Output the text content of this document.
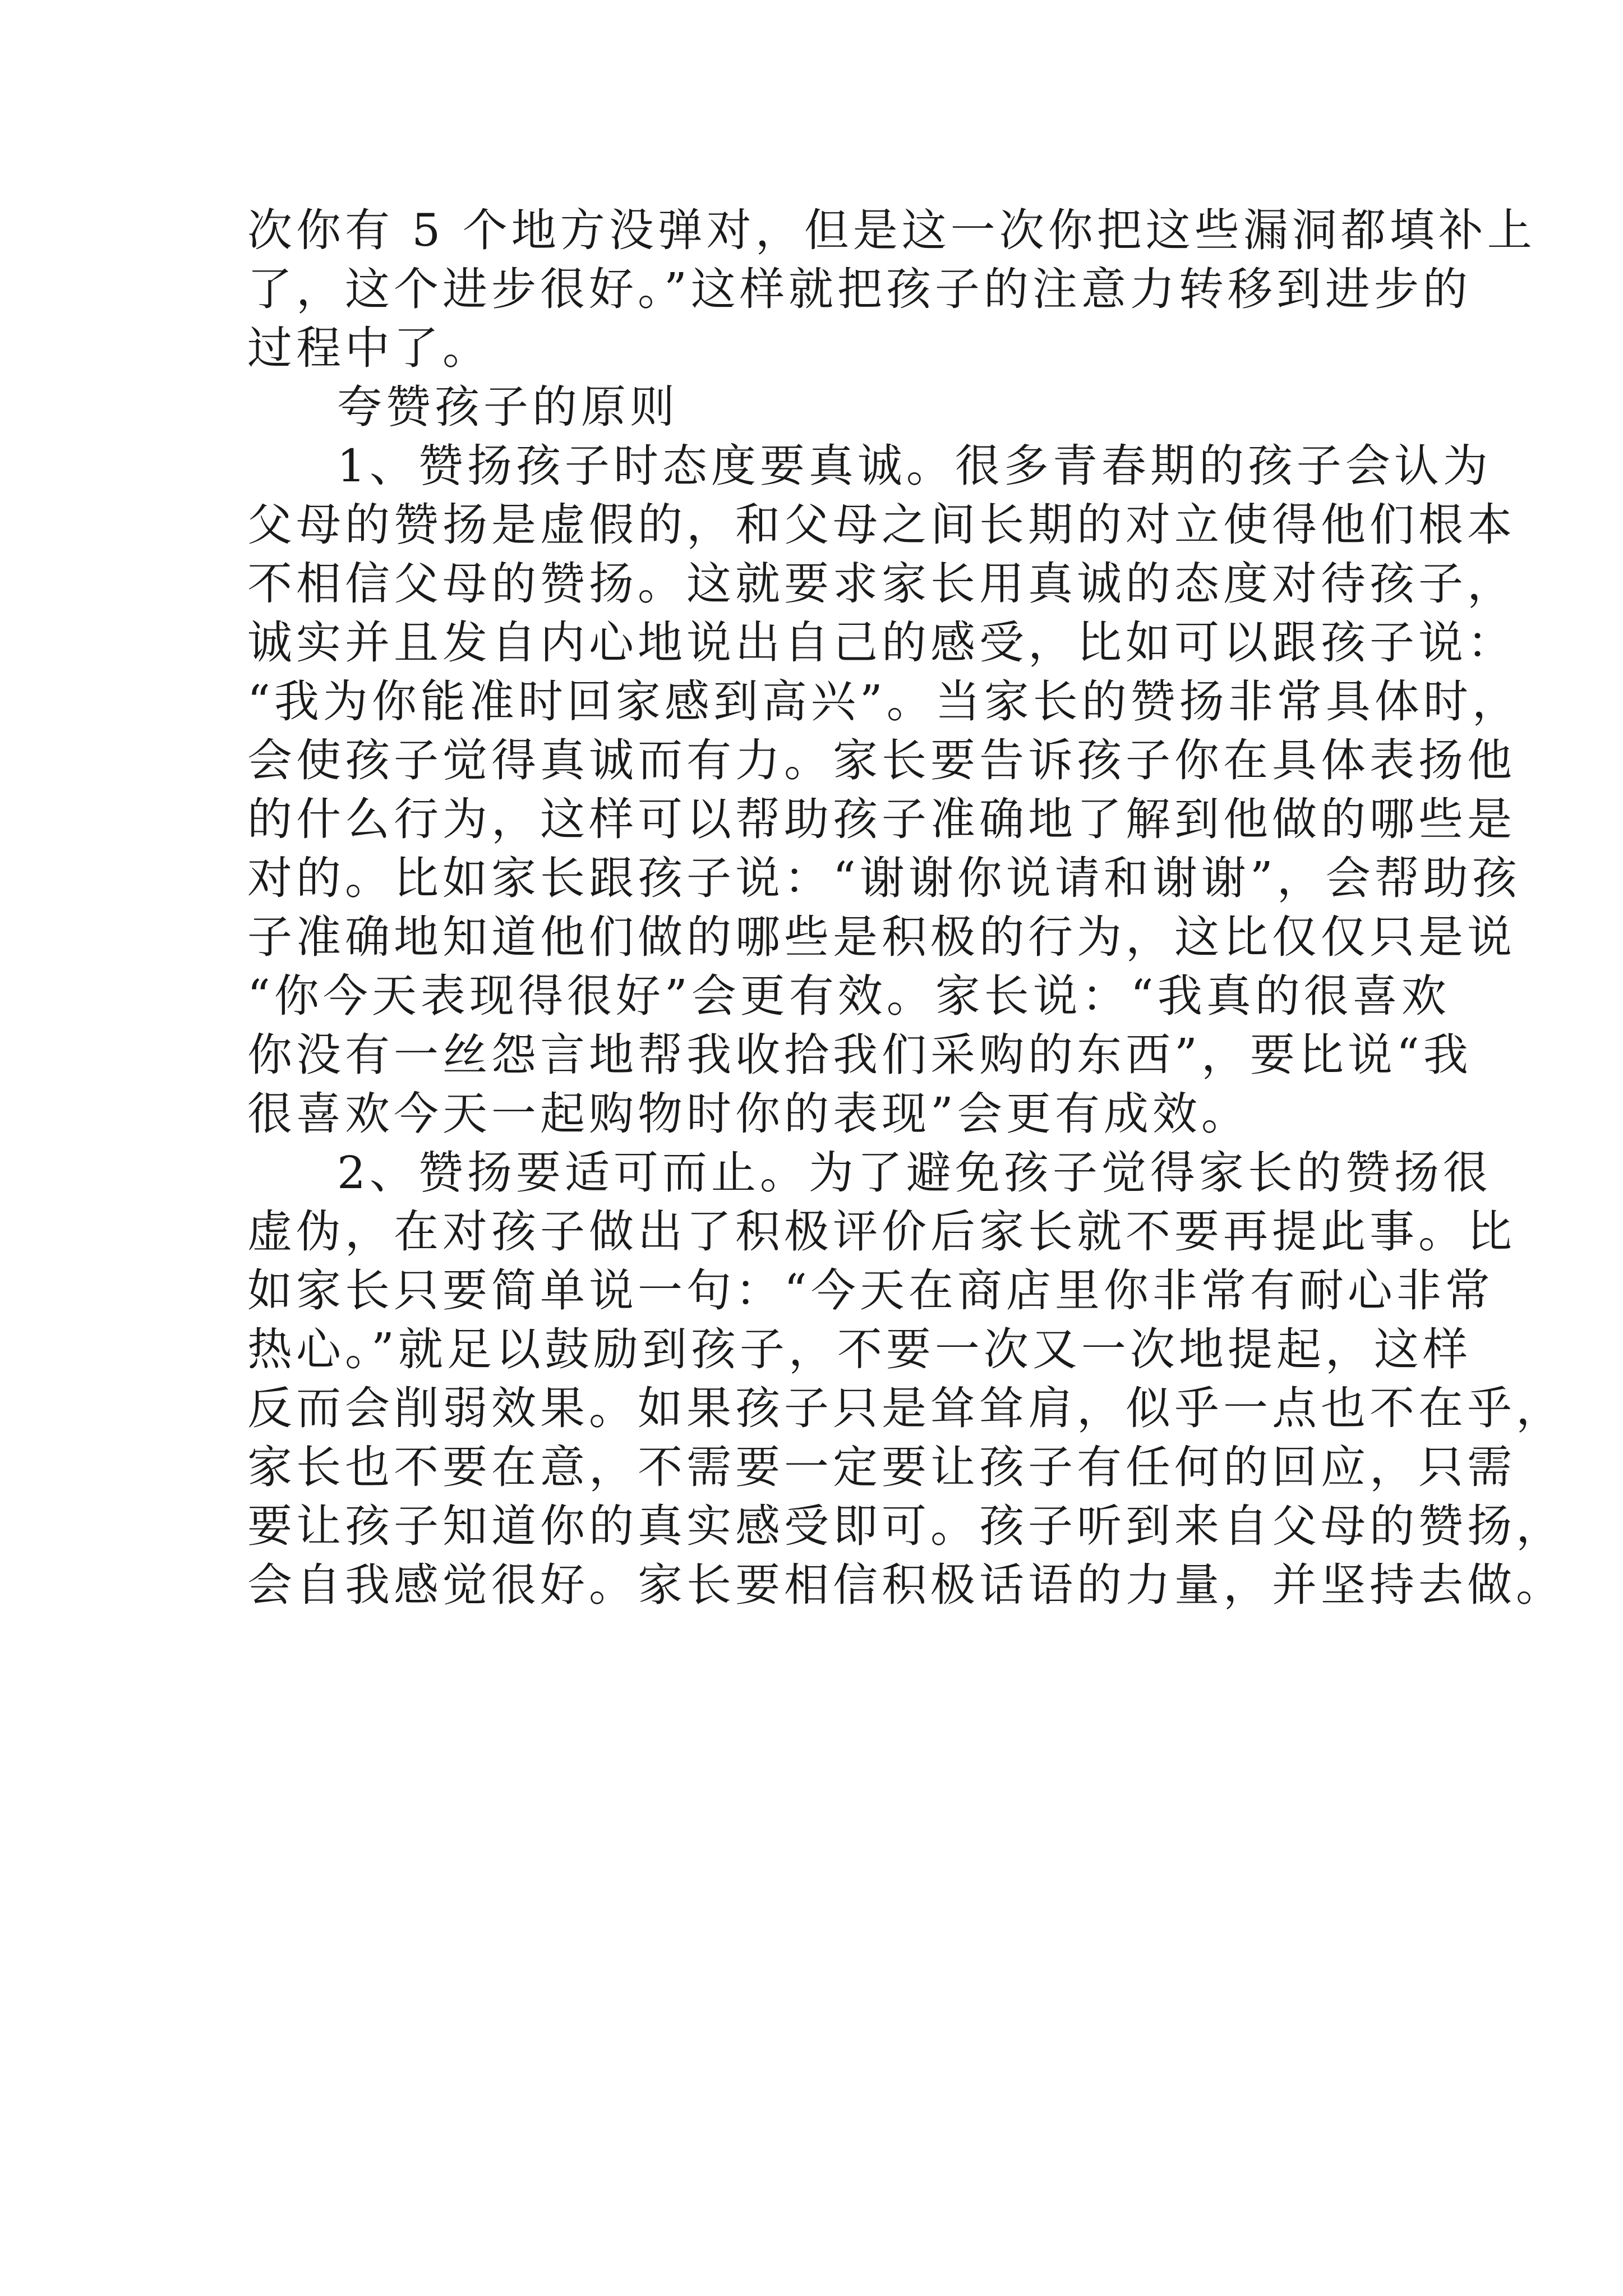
次你有 5 个地方没弹对，但是这一次你把这些漏洞都填补上
了，这个进步很好。”这样就把孩子的注意力转移到进步的
过程中了。
夸赞孩子的原则
1、赞扬孩子时态度要真诚。很多青春期的孩子会认为
父母的赞扬是虚假的，和父母之间长期的对立使得他们根本
不相信父母的赞扬。这就要求家长用真诚的态度对待孩子，
诚实并且发自内心地说出自己的感受，比如可以跟孩子说：
“我为你能准时回家感到高兴”。当家长的赞扬非常具体时，
会使孩子觉得真诚而有力。家长要告诉孩子你在具体表扬他
的什么行为，这样可以帮助孩子准确地了解到他做的哪些是
对的。比如家长跟孩子说：“谢谢你说请和谢谢”，会帮助孩
子准确地知道他们做的哪些是积极的行为，这比仅仅只是说
“你今天表现得很好”会更有效。家长说：“我真的很喜欢
你没有一丝怨言地帮我收拾我们采购的东西”，要比说“我
很喜欢今天一起购物时你的表现”会更有成效。
2、赞扬要适可而止。为了避免孩子觉得家长的赞扬很
虚伪，在对孩子做出了积极评价后家长就不要再提此事。比
如家长只要简单说一句：“今天在商店里你非常有耐心非常
热心。”就足以鼓励到孩子，不要一次又一次地提起，这样
反而会削弱效果。如果孩子只是耸耸肩，似乎一点也不在乎，
家长也不要在意，不需要一定要让孩子有任何的回应，只需
要让孩子知道你的真实感受即可。孩子听到来自父母的赞扬，
会自我感觉很好。家长要相信积极话语的力量，并坚持去做。
